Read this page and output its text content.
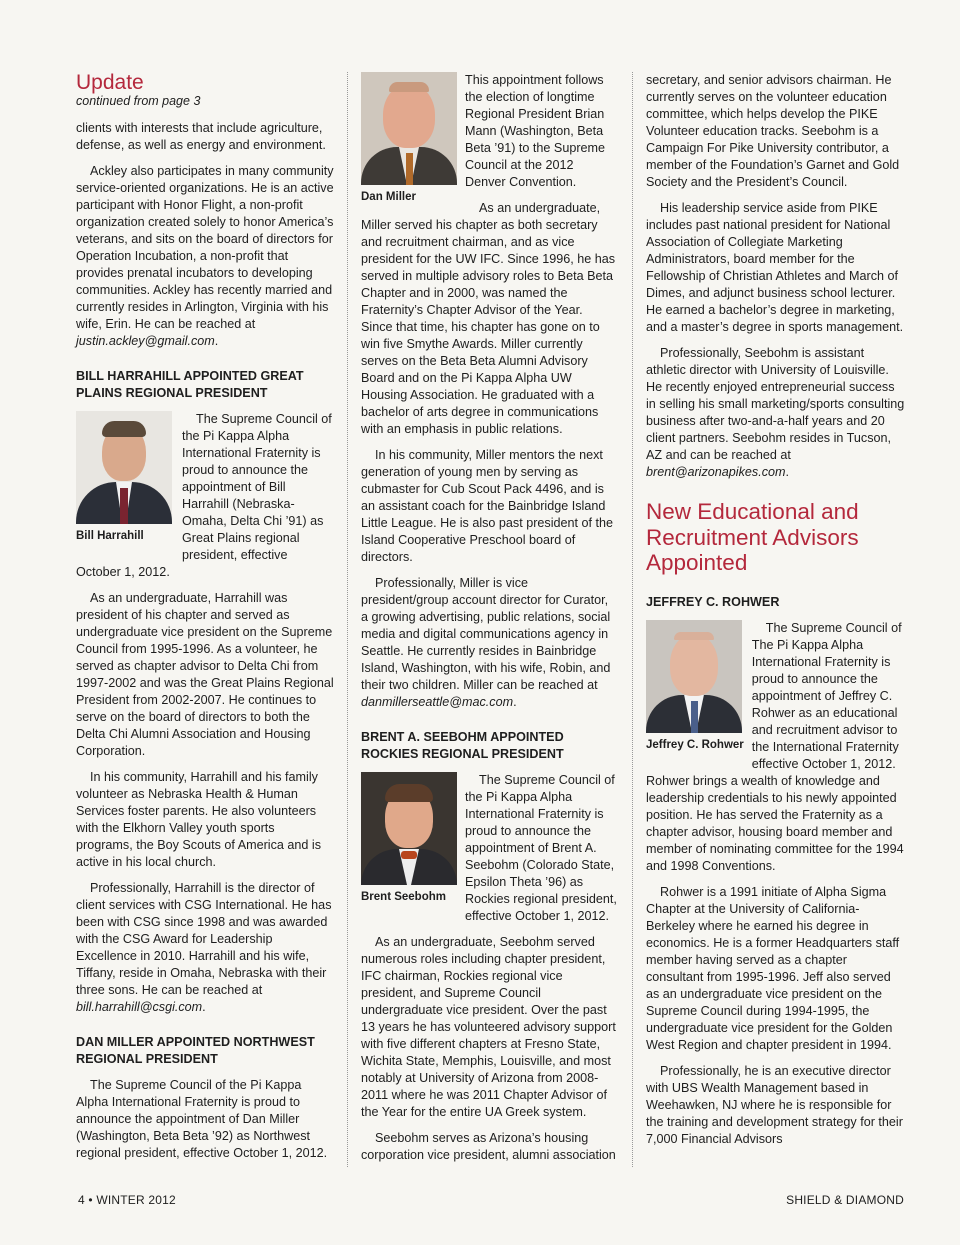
Update
continued from page 3

clients with interests that include agriculture, defense, as well as energy and environment.

Ackley also participates in many community service-oriented organizations. He is an active participant with Honor Flight, a non-profit organization created solely to honor America’s veterans, and sits on the board of directors for Operation Incubation, a non-profit that provides prenatal incubators to developing communities. Ackley has recently married and currently resides in Arlington, Virginia with his wife, Erin. He can be reached at justin.ackley@gmail.com.

BILL HARRAHILL APPOINTED GREAT PLAINS REGIONAL PRESIDENT
Bill Harrahill

The Supreme Council of the Pi Kappa Alpha International Fraternity is proud to announce the appointment of Bill Harrahill (Nebraska-Omaha, Delta Chi ’91) as Great Plains regional president, effective October 1, 2012.

As an undergraduate, Harrahill was president of his chapter and served as undergraduate vice president on the Supreme Council from 1995-1996. As a volunteer, he served as chapter advisor to Delta Chi from 1997-2002 and was the Great Plains Regional President from 2002-2007. He continues to serve on the board of directors to both the Delta Chi Alumni Association and Housing Corporation.

In his community, Harrahill and his family volunteer as Nebraska Health & Human Services foster parents. He also volunteers with the Elkhorn Valley youth sports programs, the Boy Scouts of America and is active in his local church.

Professionally, Harrahill is the director of client services with CSG International. He has been with CSG since 1998 and was awarded with the CSG Award for Leadership Excellence in 2010. Harrahill and his wife, Tiffany, reside in Omaha, Nebraska with their three sons. He can be reached at bill.harrahill@csgi.com.

DAN MILLER APPOINTED NORTHWEST REGIONAL PRESIDENT

The Supreme Council of the Pi Kappa Alpha International Fraternity is proud to announce the appointment of Dan Miller (Washington, Beta Beta ’92) as Northwest regional president, effective October 1, 2012.

Dan Miller

This appointment follows the election of longtime Regional President Brian Mann (Washington, Beta Beta ’91) to the Supreme Council at the 2012 Denver Convention.

As an undergraduate, Miller served his chapter as both secretary and recruitment chairman, and as vice president for the UW IFC. Since 1996, he has served in multiple advisory roles to Beta Beta Chapter and in 2000, was named the Fraternity’s Chapter Advisor of the Year. Since that time, his chapter has gone on to win five Smythe Awards. Miller currently serves on the Beta Beta Alumni Advisory Board and on the Pi Kappa Alpha UW Housing Association. He graduated with a bachelor of arts degree in communications with an emphasis in public relations.

In his community, Miller mentors the next generation of young men by serving as cubmaster for Cub Scout Pack 4496, and is an assistant coach for the Bainbridge Island Little League. He is also past president of the Island Cooperative Preschool board of directors.

Professionally, Miller is vice president/group account director for Curator, a growing advertising, public relations, social media and digital communications agency in Seattle. He currently resides in Bainbridge Island, Washington, with his wife, Robin, and their two children. Miller can be reached at danmillerseattle@mac.com.

BRENT A. SEEBOHM APPOINTED ROCKIES REGIONAL PRESIDENT
Brent Seebohm

The Supreme Council of the Pi Kappa Alpha International Fraternity is proud to announce the appointment of Brent A. Seebohm (Colorado State, Epsilon Theta ’96) as Rockies regional president, effective October 1, 2012.

As an undergraduate, Seebohm served numerous roles including chapter president, IFC chairman, Rockies regional vice president, and Supreme Council undergraduate vice president. Over the past 13 years he has volunteered advisory support with five different chapters at Fresno State, Wichita State, Memphis, Louisville, and most notably at University of Arizona from 2008-2011 where he was 2011 Chapter Advisor of the Year for the entire UA Greek system.

Seebohm serves as Arizona’s housing corporation vice president, alumni association

secretary, and senior advisors chairman. He currently serves on the volunteer education committee, which helps develop the PIKE Volunteer education tracks. Seebohm is a Campaign For Pike University contributor, a member of the Foundation’s Garnet and Gold Society and the President’s Council.

His leadership service aside from PIKE includes past national president for National Association of Collegiate Marketing Administrators, board member for the Fellowship of Christian Athletes and March of Dimes, and adjunct business school lecturer. He earned a bachelor’s degree in marketing, and a master’s degree in sports management.

Professionally, Seebohm is assistant athletic director with University of Louisville. He recently enjoyed entrepreneurial success in selling his small marketing/sports consulting business after two-and-a-half years and 20 client partners. Seebohm resides in Tucson, AZ and can be reached at brent@arizonapikes.com.

New Educational and Recruitment Advisors Appointed
JEFFREY C. ROHWER
Jeffrey C. Rohwer

The Supreme Council of The Pi Kappa Alpha International Fraternity is proud to announce the appointment of Jeffrey C. Rohwer as an educational and recruitment advisor to the International Fraternity effective October 1, 2012. Rohwer brings a wealth of knowledge and leadership credentials to his newly appointed position. He has served the Fraternity as a chapter advisor, housing board member and member of nominating committee for the 1994 and 1998 Conventions.

Rohwer is a 1991 initiate of Alpha Sigma Chapter at the University of California-Berkeley where he earned his degree in economics. He is a former Headquarters staff member having served as a chapter consultant from 1995-1996. Jeff also served as an undergraduate vice president on the Supreme Council during 1994-1995, the undergraduate vice president for the Golden West Region and chapter president in 1994.

Professionally, he is an executive director with UBS Wealth Management based in Weehawken, NJ where he is responsible for the training and development strategy for their 7,000 Financial Advisors

4 • WINTER 2012	SHIELD & DIAMOND
